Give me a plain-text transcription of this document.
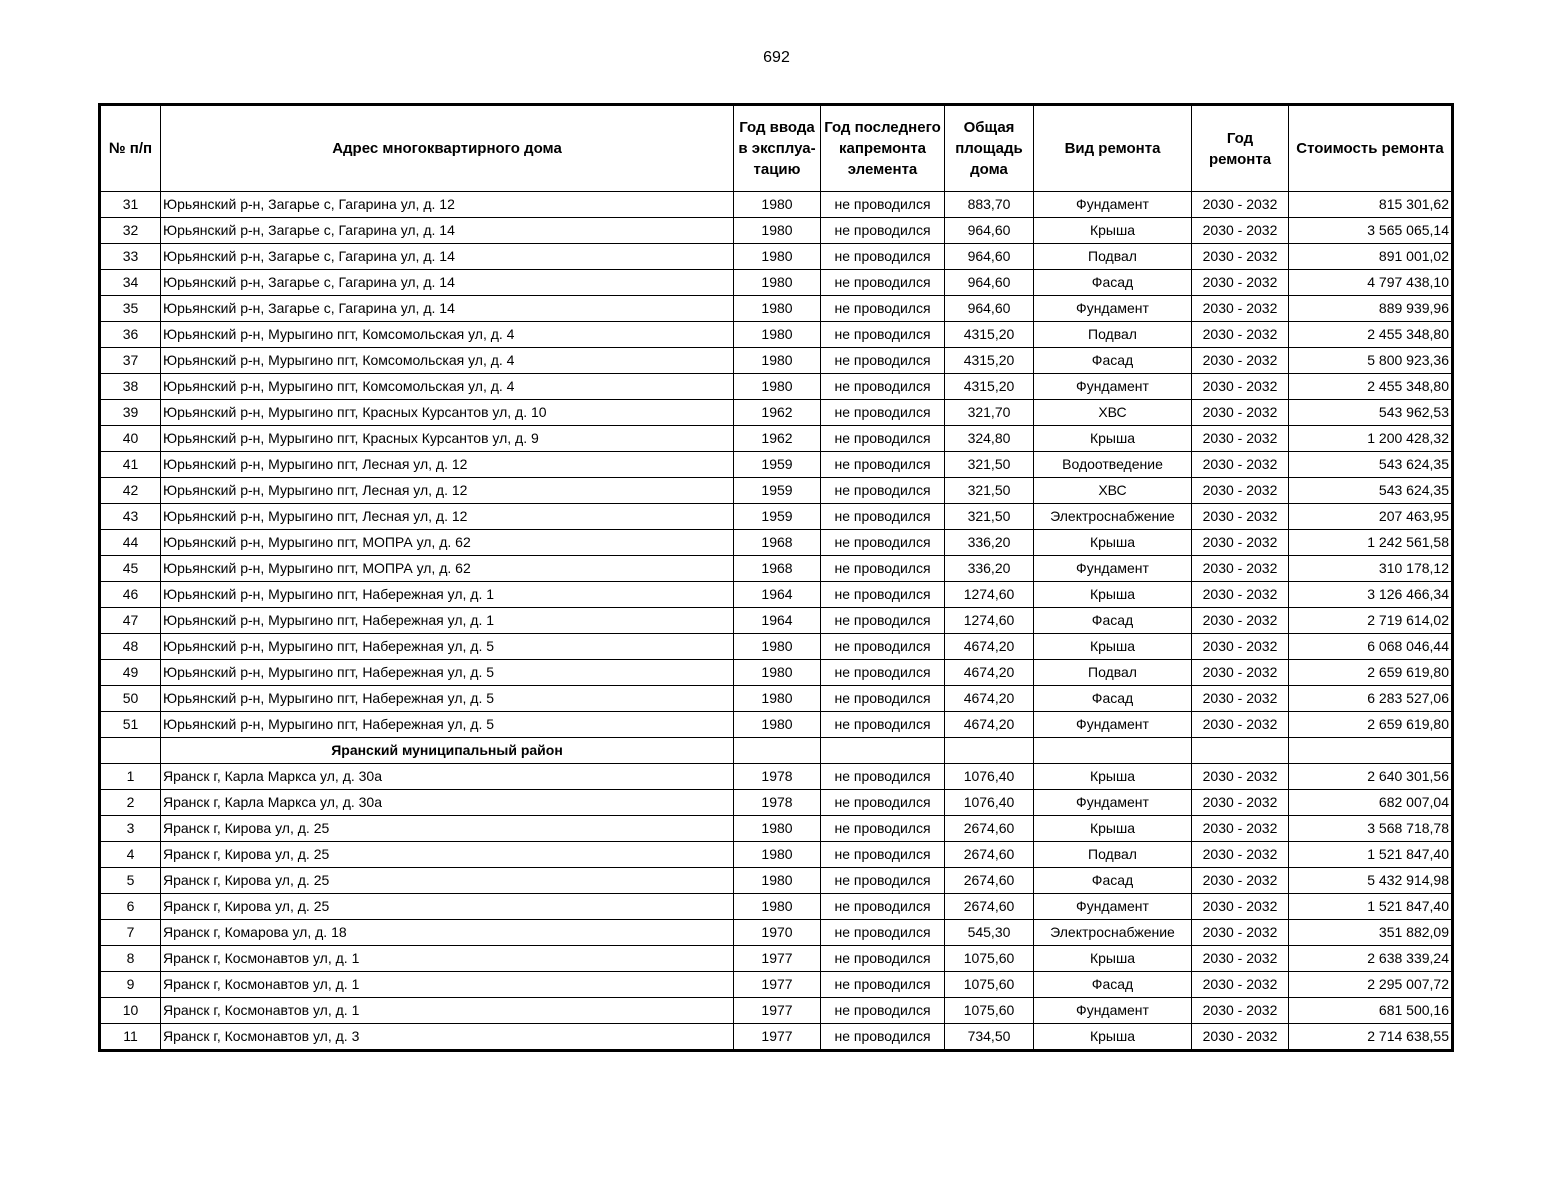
692
№ п/п	Адрес многоквартирного дома	Год ввода в эксплуа-тацию	Год последнего капремонта элемента	Общая площадь дома	Вид ремонта	Год ремонта	Стоимость ремонта
31	Юрьянский р-н, Загарье с, Гагарина ул, д. 12	1980	не проводился	883,70	Фундамент	2030 - 2032	815 301,62
32	Юрьянский р-н, Загарье с, Гагарина ул, д. 14	1980	не проводился	964,60	Крыша	2030 - 2032	3 565 065,14
33	Юрьянский р-н, Загарье с, Гагарина ул, д. 14	1980	не проводился	964,60	Подвал	2030 - 2032	891 001,02
34	Юрьянский р-н, Загарье с, Гагарина ул, д. 14	1980	не проводился	964,60	Фасад	2030 - 2032	4 797 438,10
35	Юрьянский р-н, Загарье с, Гагарина ул, д. 14	1980	не проводился	964,60	Фундамент	2030 - 2032	889 939,96
36	Юрьянский р-н, Мурыгино пгт, Комсомольская ул, д. 4	1980	не проводился	4315,20	Подвал	2030 - 2032	2 455 348,80
37	Юрьянский р-н, Мурыгино пгт, Комсомольская ул, д. 4	1980	не проводился	4315,20	Фасад	2030 - 2032	5 800 923,36
38	Юрьянский р-н, Мурыгино пгт, Комсомольская ул, д. 4	1980	не проводился	4315,20	Фундамент	2030 - 2032	2 455 348,80
39	Юрьянский р-н, Мурыгино пгт, Красных Курсантов ул, д. 10	1962	не проводился	321,70	ХВС	2030 - 2032	543 962,53
40	Юрьянский р-н, Мурыгино пгт, Красных Курсантов ул, д. 9	1962	не проводился	324,80	Крыша	2030 - 2032	1 200 428,32
41	Юрьянский р-н, Мурыгино пгт, Лесная ул, д. 12	1959	не проводился	321,50	Водоотведение	2030 - 2032	543 624,35
42	Юрьянский р-н, Мурыгино пгт, Лесная ул, д. 12	1959	не проводился	321,50	ХВС	2030 - 2032	543 624,35
43	Юрьянский р-н, Мурыгино пгт, Лесная ул, д. 12	1959	не проводился	321,50	Электроснабжение	2030 - 2032	207 463,95
44	Юрьянский р-н, Мурыгино пгт, МОПРА ул, д. 62	1968	не проводился	336,20	Крыша	2030 - 2032	1 242 561,58
45	Юрьянский р-н, Мурыгино пгт, МОПРА ул, д. 62	1968	не проводился	336,20	Фундамент	2030 - 2032	310 178,12
46	Юрьянский р-н, Мурыгино пгт, Набережная ул, д. 1	1964	не проводился	1274,60	Крыша	2030 - 2032	3 126 466,34
47	Юрьянский р-н, Мурыгино пгт, Набережная ул, д. 1	1964	не проводился	1274,60	Фасад	2030 - 2032	2 719 614,02
48	Юрьянский р-н, Мурыгино пгт, Набережная ул, д. 5	1980	не проводился	4674,20	Крыша	2030 - 2032	6 068 046,44
49	Юрьянский р-н, Мурыгино пгт, Набережная ул, д. 5	1980	не проводился	4674,20	Подвал	2030 - 2032	2 659 619,80
50	Юрьянский р-н, Мурыгино пгт, Набережная ул, д. 5	1980	не проводился	4674,20	Фасад	2030 - 2032	6 283 527,06
51	Юрьянский р-н, Мурыгино пгт, Набережная ул, д. 5	1980	не проводился	4674,20	Фундамент	2030 - 2032	2 659 619,80
	Яранский муниципальный район						
1	Яранск г, Карла Маркса ул, д. 30а	1978	не проводился	1076,40	Крыша	2030 - 2032	2 640 301,56
2	Яранск г, Карла Маркса ул, д. 30а	1978	не проводился	1076,40	Фундамент	2030 - 2032	682 007,04
3	Яранск г, Кирова ул, д. 25	1980	не проводился	2674,60	Крыша	2030 - 2032	3 568 718,78
4	Яранск г, Кирова ул, д. 25	1980	не проводился	2674,60	Подвал	2030 - 2032	1 521 847,40
5	Яранск г, Кирова ул, д. 25	1980	не проводился	2674,60	Фасад	2030 - 2032	5 432 914,98
6	Яранск г, Кирова ул, д. 25	1980	не проводился	2674,60	Фундамент	2030 - 2032	1 521 847,40
7	Яранск г, Комарова ул, д. 18	1970	не проводился	545,30	Электроснабжение	2030 - 2032	351 882,09
8	Яранск г, Космонавтов ул, д. 1	1977	не проводился	1075,60	Крыша	2030 - 2032	2 638 339,24
9	Яранск г, Космонавтов ул, д. 1	1977	не проводился	1075,60	Фасад	2030 - 2032	2 295 007,72
10	Яранск г, Космонавтов ул, д. 1	1977	не проводился	1075,60	Фундамент	2030 - 2032	681 500,16
11	Яранск г, Космонавтов ул, д. 3	1977	не проводился	734,50	Крыша	2030 - 2032	2 714 638,55
